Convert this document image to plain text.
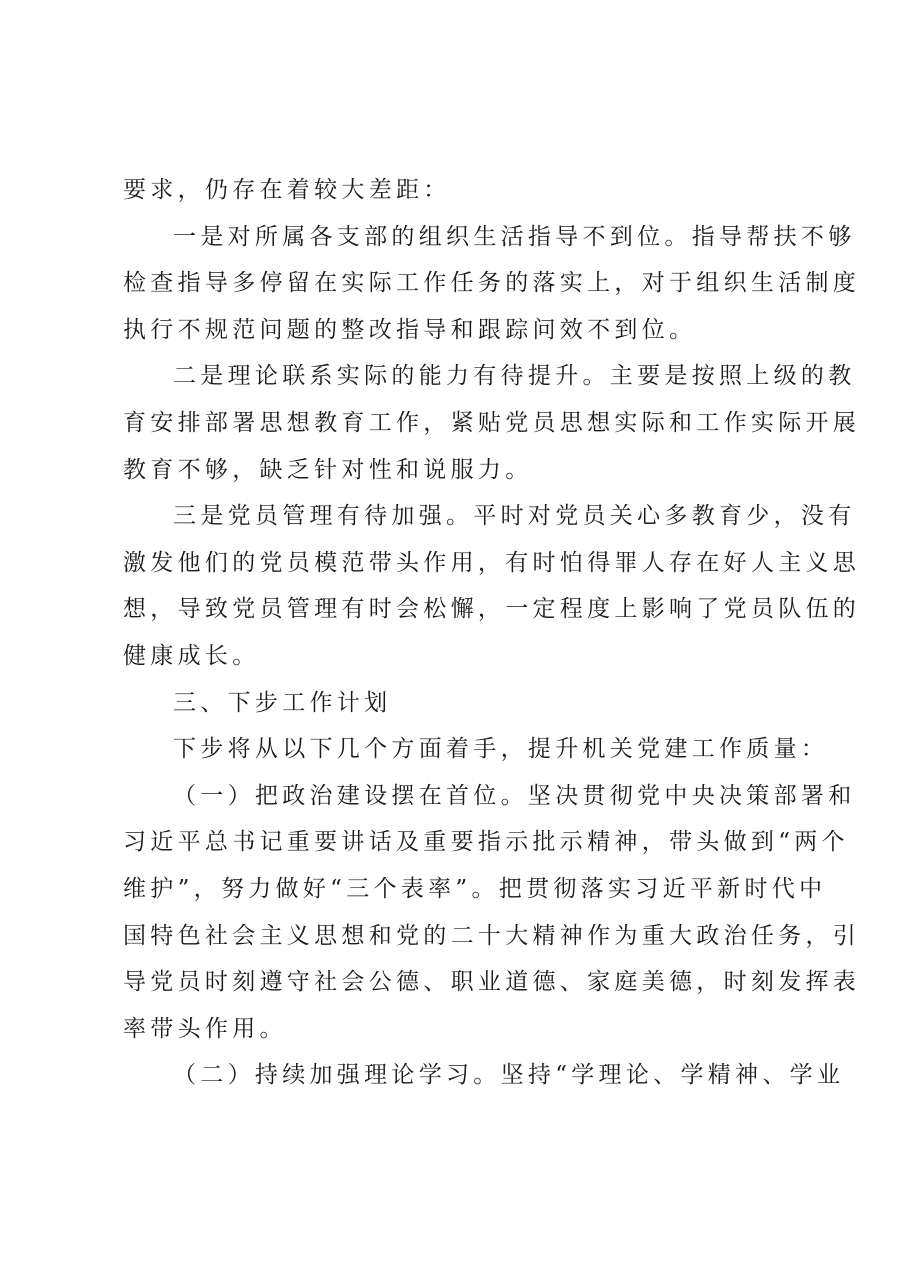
要求，仍存在着较大差距：
一是对所属各支部的组织生活指导不到位。指导帮扶不够
检查指导多停留在实际工作任务的落实上，对于组织生活制度
执行不规范问题的整改指导和跟踪问效不到位。
二是理论联系实际的能力有待提升。主要是按照上级的教
育安排部署思想教育工作，紧贴党员思想实际和工作实际开展
教育不够，缺乏针对性和说服力。
三是党员管理有待加强。平时对党员关心多教育少，没有
激发他们的党员模范带头作用，有时怕得罪人存在好人主义思
想，导致党员管理有时会松懈，一定程度上影响了党员队伍的
健康成长。
三、下步工作计划
下步将从以下几个方面着手，提升机关党建工作质量：
（一）把政治建设摆在首位。坚决贯彻党中央决策部署和
习近平总书记重要讲话及重要指示批示精神，带头做到“两个
维护”，努力做好“三个表率”。把贯彻落实习近平新时代中
国特色社会主义思想和党的二十大精神作为重大政治任务，引
导党员时刻遵守社会公德、职业道德、家庭美德，时刻发挥表
率带头作用。
（二）持续加强理论学习。坚持“学理论、学精神、学业
